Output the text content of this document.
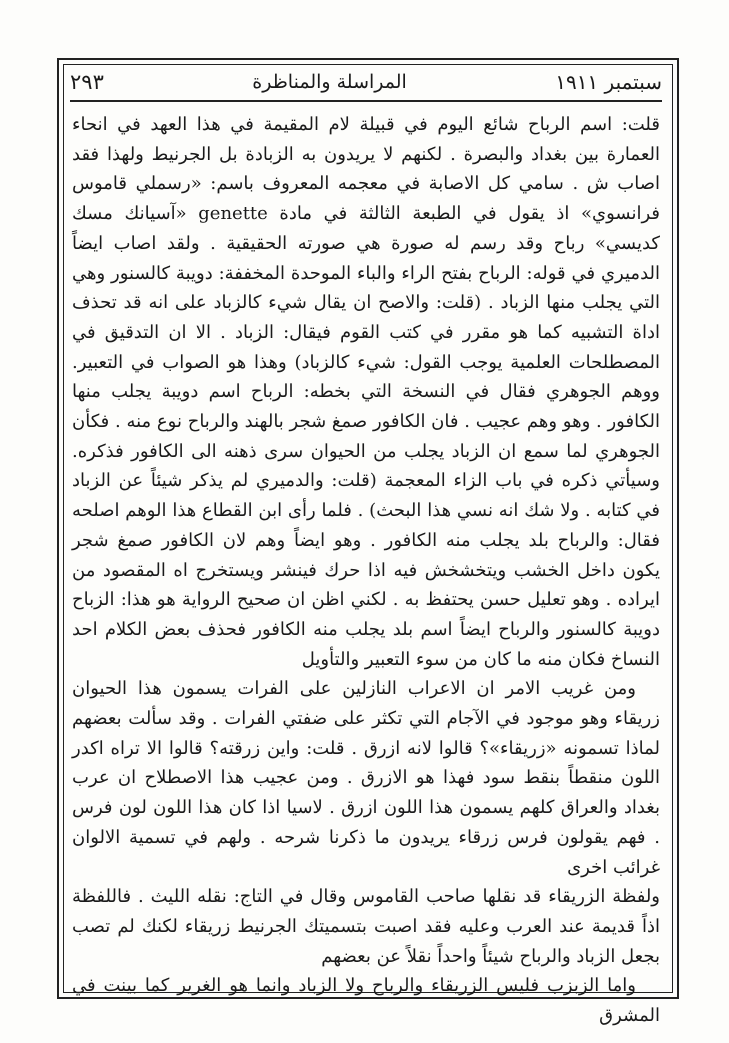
سبتمبر ١٩١١
المراسلة والمناظرة
٢٩٣

قلت: اسم الرباح شائع اليوم في قبيلة لام المقيمة في هذا العهد في انحاء العمارة بين بغداد والبصرة . لكنهم لا يريدون به الزبادة بل الجرنيط ولهذا فقد اصاب ش . سامي كل الاصابة في معجمه المعروف باسم: «رسملي قاموس فرانسوي» اذ يقول في الطبعة الثالثة في مادة genette «آسيانك مسك كديسي» رباح وقد رسم له صورة هي صورته الحقيقية . ولقد اصاب ايضاً الدميري في قوله: الرباح بفتح الراء والباء الموحدة المخففة: دويبة كالسنور وهي التي يجلب منها الزباد . (قلت: والاصح ان يقال شيء كالزباد على انه قد تحذف اداة التشبيه كما هو مقرر في كتب القوم فيقال: الزباد . الا ان التدقيق في المصطلحات العلمية يوجب القول: شيء كالزباد) وهذا هو الصواب في التعبير. ووهم الجوهري فقال في النسخة التي بخطه: الرباح اسم دويبة يجلب منها الكافور . وهو وهم عجيب . فان الكافور صمغ شجر بالهند والرباح نوع منه . فكأن الجوهري لما سمع ان الزباد يجلب من الحيوان سرى ذهنه الى الكافور فذكره. وسيأتي ذكره في باب الزاء المعجمة (قلت: والدميري لم يذكر شيئاً عن الزباد في كتابه . ولا شك انه نسي هذا البحث) . فلما رأى ابن القطاع هذا الوهم اصلحه فقال: والرباح بلد يجلب منه الكافور . وهو ايضاً وهم لان الكافور صمغ شجر يكون داخل الخشب ويتخشخش فيه اذا حرك فينشر ويستخرج اه المقصود من ايراده . وهو تعليل حسن يحتفظ به . لكني اظن ان صحيح الرواية هو هذا: الزباح دويبة كالسنور والرباح ايضاً اسم بلد يجلب منه الكافور فحذف بعض الكلام احد النساخ فكان منه ما كان من سوء التعبير والتأويل

ومن غريب الامر ان الاعراب النازلين على الفرات يسمون هذا الحيوان زريقاء وهو موجود في الآجام التي تكثر على ضفتي الفرات . وقد سألت بعضهم لماذا تسمونه «زريقاء»؟ قالوا لانه ازرق . قلت: واين زرقته؟ قالوا الا تراه اكدر اللون منقطاً بنقط سود فهذا هو الازرق . ومن عجيب هذا الاصطلاح ان عرب بغداد والعراق كلهم يسمون هذا اللون ازرق . لاسيا اذا كان هذا اللون لون فرس . فهم يقولون فرس زرقاء يريدون ما ذكرنا شرحه . ولهم في تسمية الالوان غرائب اخرى

ولفظة الزريقاء قد نقلها صاحب القاموس وقال في التاج: نقله الليث . فاللفظة اذاً قديمة عند العرب وعليه فقد اصبت بتسميتك الجرنيط زريقاء لكنك لم تصب بجعل الزباد والرباح شيئاً واحداً نقلاً عن بعضهم

واما الزبزب فليس الزريقاء والرباح ولا الزباد وانما هو الغرير كما بينت في المشرق
